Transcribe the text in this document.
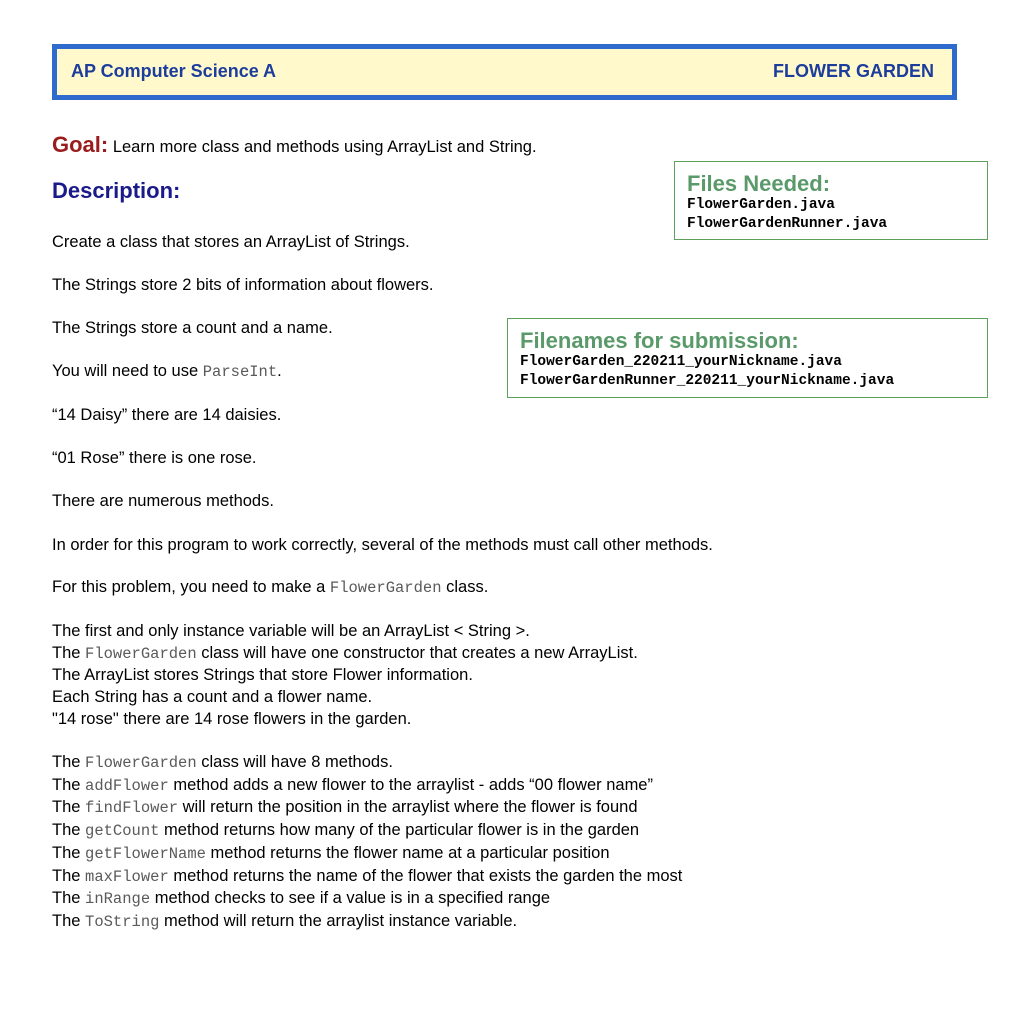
AP Computer Science A	FLOWER GARDEN
Goal: Learn more class and methods using ArrayList and String.
Description:	Files Needed:
FlowerGarden.java
FlowerGardenRunner.java
Filenames for submission:
FlowerGarden_220211_yourNickname.java
FlowerGardenRunner_220211_yourNickname.java
Create a class that stores an ArrayList of Strings.
The Strings store 2 bits of information about flowers.
The Strings store a count and a name.
You will need to use ParseInt.
“14 Daisy” there are 14 daisies.
“01 Rose” there is one rose.
There are numerous methods.
In order for this program to work correctly, several of the methods must call other methods.
For this problem, you need to make a FlowerGarden class.
The first and only instance variable will be an ArrayList < String >.
The FlowerGarden class will have one constructor that creates a new ArrayList.
The ArrayList stores Strings that store Flower information.
Each String has a count and a flower name.
"14 rose" there are 14 rose flowers in the garden.
The FlowerGarden class will have 8 methods.
The addFlower method adds a new flower to the arraylist - adds “00 flower name”
The findFlower will return the position in the arraylist where the flower is found
The getCount method returns how many of the particular flower is in the garden
The getFlowerName method returns the flower name at a particular position
The maxFlower method returns the name of the flower that exists the garden the most
The inRange method checks to see if a value is in a specified range
The ToString method will return the arraylist instance variable.
